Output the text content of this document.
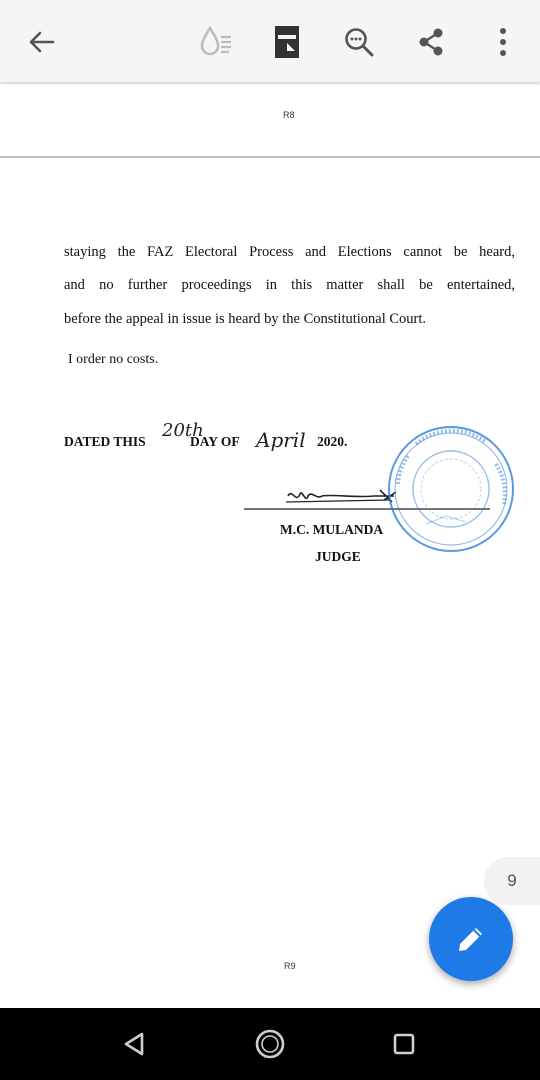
R8
staying the FAZ Electoral Process and Elections cannot be heard,
and no further proceedings in this matter shall be entertained,
before the appeal in issue is heard by the Constitutional Court.
I order no costs.
DATED THIS
20th
DAY OF April 2020.
M.C. MULANDA
JUDGE
9
R9
